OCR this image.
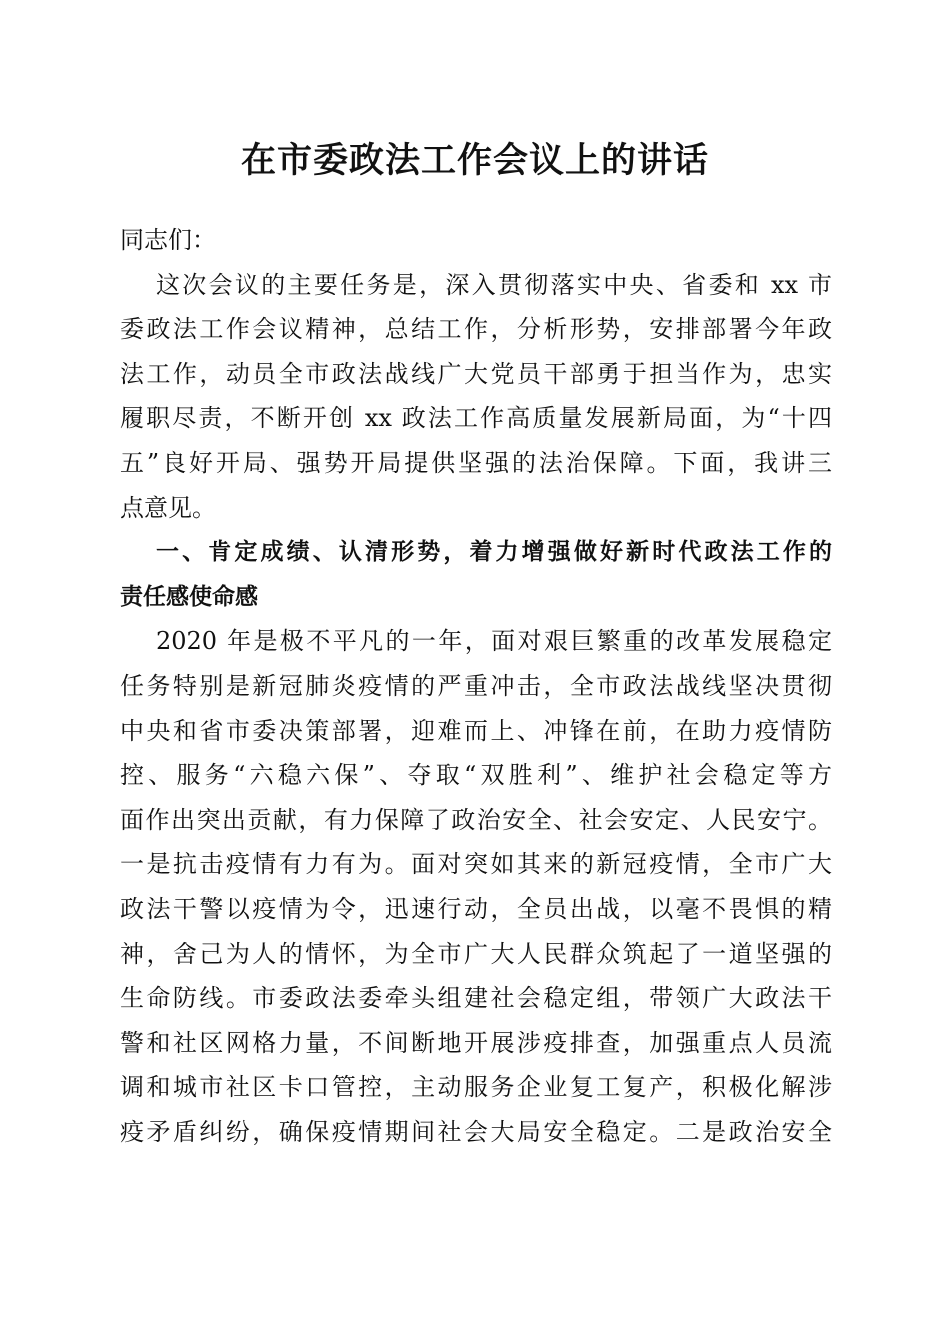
在市委政法工作会议上的讲话
同志们：
这次会议的主要任务是，深入贯彻落实中央、省委和 xx 市
委政法工作会议精神，总结工作，分析形势，安排部署今年政
法工作，动员全市政法战线广大党员干部勇于担当作为，忠实
履职尽责，不断开创 xx 政法工作高质量发展新局面，为“十四
五”良好开局、强势开局提供坚强的法治保障。下面，我讲三
点意见。
一、肯定成绩、认清形势，着力增强做好新时代政法工作的
责任感使命感
2020 年是极不平凡的一年，面对艰巨繁重的改革发展稳定
任务特别是新冠肺炎疫情的严重冲击，全市政法战线坚决贯彻
中央和省市委决策部署，迎难而上、冲锋在前，在助力疫情防
控、服务“六稳六保”、夺取“双胜利”、维护社会稳定等方
面作出突出贡献，有力保障了政治安全、社会安定、人民安宁。
一是抗击疫情有力有为。面对突如其来的新冠疫情，全市广大
政法干警以疫情为令，迅速行动，全员出战，以毫不畏惧的精
神，舍己为人的情怀，为全市广大人民群众筑起了一道坚强的
生命防线。市委政法委牵头组建社会稳定组，带领广大政法干
警和社区网格力量，不间断地开展涉疫排查，加强重点人员流
调和城市社区卡口管控，主动服务企业复工复产，积极化解涉
疫矛盾纠纷，确保疫情期间社会大局安全稳定。二是政治安全
